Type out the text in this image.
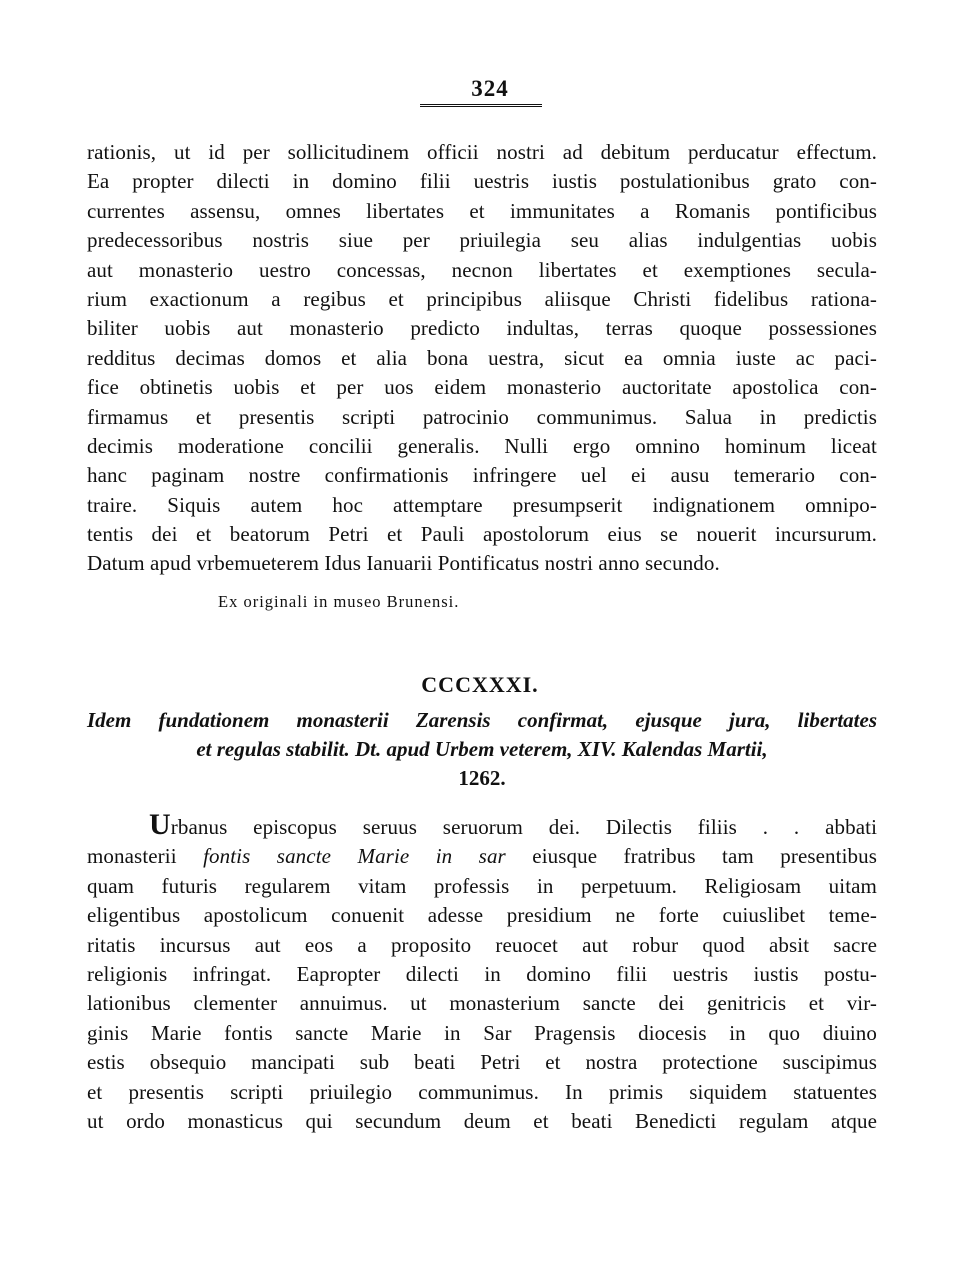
324
rationis, ut id per sollicitudinem officii nostri ad debitum perducatur effectum.
Ea propter dilecti in domino filii uestris iustis postulationibus grato con-
currentes assensu, omnes libertates et immunitates a Romanis pontificibus
predecessoribus nostris siue per priuilegia seu alias indulgentias uobis
aut monasterio uestro concessas, necnon libertates et exemptiones secula-
rium exactionum a regibus et principibus aliisque Christi fidelibus rationa-
biliter uobis aut monasterio predicto indultas, terras quoque possessiones
redditus decimas domos et alia bona uestra, sicut ea omnia iuste ac paci-
fice obtinetis uobis et per uos eidem monasterio auctoritate apostolica con-
firmamus et presentis scripti patrocinio communimus. Salua in predictis
decimis moderatione concilii generalis. Nulli ergo omnino hominum liceat
hanc paginam nostre confirmationis infringere uel ei ausu temerario con-
traire. Siquis autem hoc attemptare presumpserit indignationem omnipo-
tentis dei et beatorum Petri et Pauli apostolorum eius se nouerit incursurum.
Datum apud vrbemueterem Idus Ianuarii Pontificatus nostri anno secundo.
Ex originali in museo Brunensi.
CCCXXXI.
Idem fundationem monasterii Zarensis confirmat, ejusque jura, libertates
et regulas stabilit. Dt. apud Urbem veterem, XIV. Kalendas Martii,
1262.
Urbanus episcopus seruus seruorum dei. Dilectis filiis . . abbati
monasterii fontis sancte Marie in sar eiusque fratribus tam presentibus
quam futuris regularem vitam professis in perpetuum. Religiosam uitam
eligentibus apostolicum conuenit adesse presidium ne forte cuiuslibet teme-
ritatis incursus aut eos a proposito reuocet aut robur quod absit sacre
religionis infringat. Eapropter dilecti in domino filii uestris iustis postu-
lationibus clementer annuimus. ut monasterium sancte dei genitricis et vir-
ginis Marie fontis sancte Marie in Sar Pragensis diocesis in quo diuino
estis obsequio mancipati sub beati Petri et nostra protectione suscipimus
et presentis scripti priuilegio communimus. In primis siquidem statuentes
ut ordo monasticus qui secundum deum et beati Benedicti regulam atque
